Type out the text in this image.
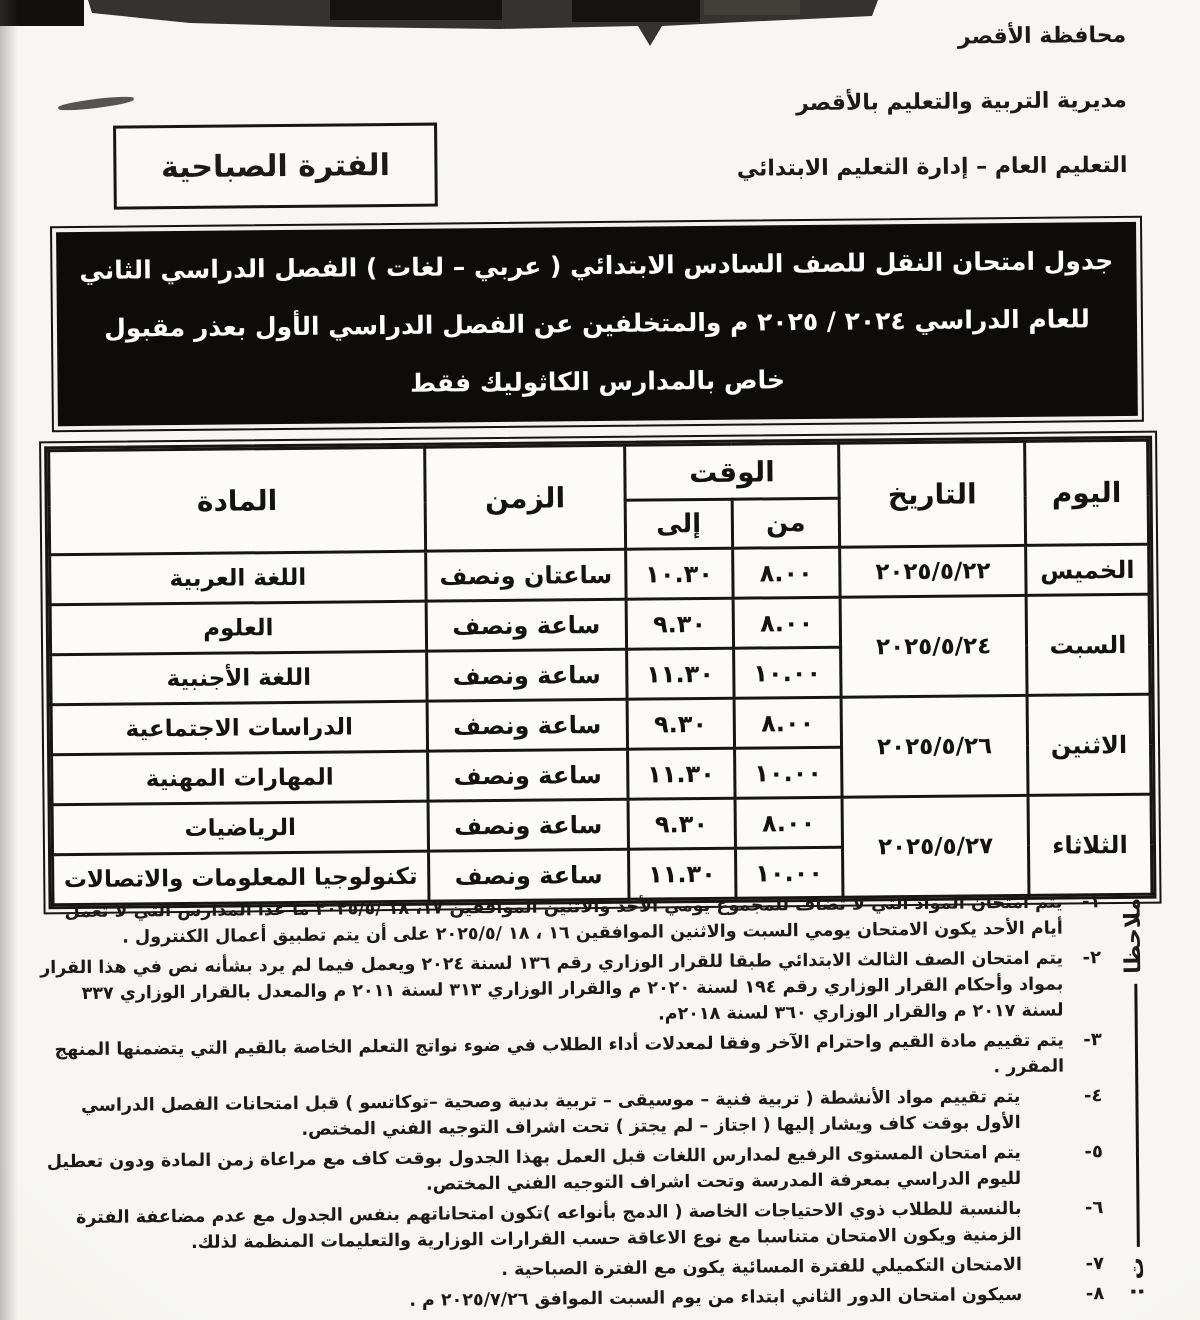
محافظة الأقصر
مديرية التربية والتعليم بالأقصر
التعليم العام – إدارة التعليم الابتدائي
الفترة الصباحية
جدول امتحان النقل للصف السادس الابتدائي ( عربي – لغات ) الفصل الدراسي الثاني
للعام الدراسي ٢٠٢٤ / ٢٠٢٥ م والمتخلفين عن الفصل الدراسي الأول بعذر مقبول
خاص بالمدارس الكاثوليك فقط
اليوم	التاريخ	الوقت		الزمن	المادة
		من	إلى		
الخميس	٢٠٢٥/٥/٢٢	٨.٠٠	١٠.٣٠	ساعتان ونصف	اللغة العربية
السبت	٢٠٢٥/٥/٢٤	٨.٠٠	٩.٣٠	ساعة ونصف	العلوم
		١٠.٠٠	١١.٣٠	ساعة ونصف	اللغة الأجنبية
الاثنين	٢٠٢٥/٥/٢٦	٨.٠٠	٩.٣٠	ساعة ونصف	الدراسات الاجتماعية
		١٠.٠٠	١١.٣٠	ساعة ونصف	المهارات المهنية
الثلاثاء	٢٠٢٥/٥/٢٧	٨.٠٠	٩.٣٠	ساعة ونصف	الرياضيات
		١٠.٠٠	١١.٣٠	ساعة ونصف	تكنولوجيا المعلومات والاتصالات
ملاحظا
ت :
١-
يتم امتحان المواد التي لا تضاف للمجموع يومي الأحد والاثنين الموافقين ١٧، ١٨ /٢٠٢٥/٥ ما عدا المدارس التي لا تعمل أيام الأحد يكون الامتحان يومي السبت والاثنين الموافقين ١٦ ، ١٨ /٢٠٢٥/٥ على أن يتم تطبيق أعمال الكنترول .
٢-
يتم امتحان الصف الثالث الابتدائي طبقا للقرار الوزاري رقم ١٣٦ لسنة ٢٠٢٤ ويعمل فيما لم يرد بشأنه نص في هذا القرار بمواد وأحكام القرار الوزاري رقم ١٩٤ لسنة ٢٠٢٠ م والقرار الوزاري ٣١٣ لسنة ٢٠١١ م والمعدل بالقرار الوزاري ٣٣٧ لسنة ٢٠١٧ م والقرار الوزاري ٣٦٠ لسنة ٢٠١٨م.
٣-
يتم تقييم مادة القيم واحترام الآخر وفقا لمعدلات أداء الطلاب في ضوء نواتج التعلم الخاصة بالقيم التي يتضمنها المنهج المقرر .
٤-
يتم تقييم مواد الأنشطة ( تربية فنية – موسيقى – تربية بدنية وصحية –توكاتسو ) قبل امتحانات الفصل الدراسي الأول بوقت كاف ويشار إليها ( اجتاز – لم يجتز ) تحت اشراف التوجيه الفني المختص.
٥-
يتم امتحان المستوى الرفيع لمدارس اللغات قبل العمل بهذا الجدول بوقت كاف مع مراعاة زمن المادة ودون تعطيل لليوم الدراسي بمعرفة المدرسة وتحت اشراف التوجيه الفني المختص.
٦-
بالنسبة للطلاب ذوي الاحتياجات الخاصة ( الدمج بأنواعه )تكون امتحاناتهم بنفس الجدول مع عدم مضاعفة الفترة الزمنية ويكون الامتحان متناسبا مع نوع الاعاقة حسب القرارات الوزارية والتعليمات المنظمة لذلك.
٧-
الامتحان التكميلي للفترة المسائية يكون مع الفترة الصباحية .
٨-
سيكون امتحان الدور الثاني ابتداء من يوم السبت الموافق ٢٠٢٥/٧/٢٦ م .
